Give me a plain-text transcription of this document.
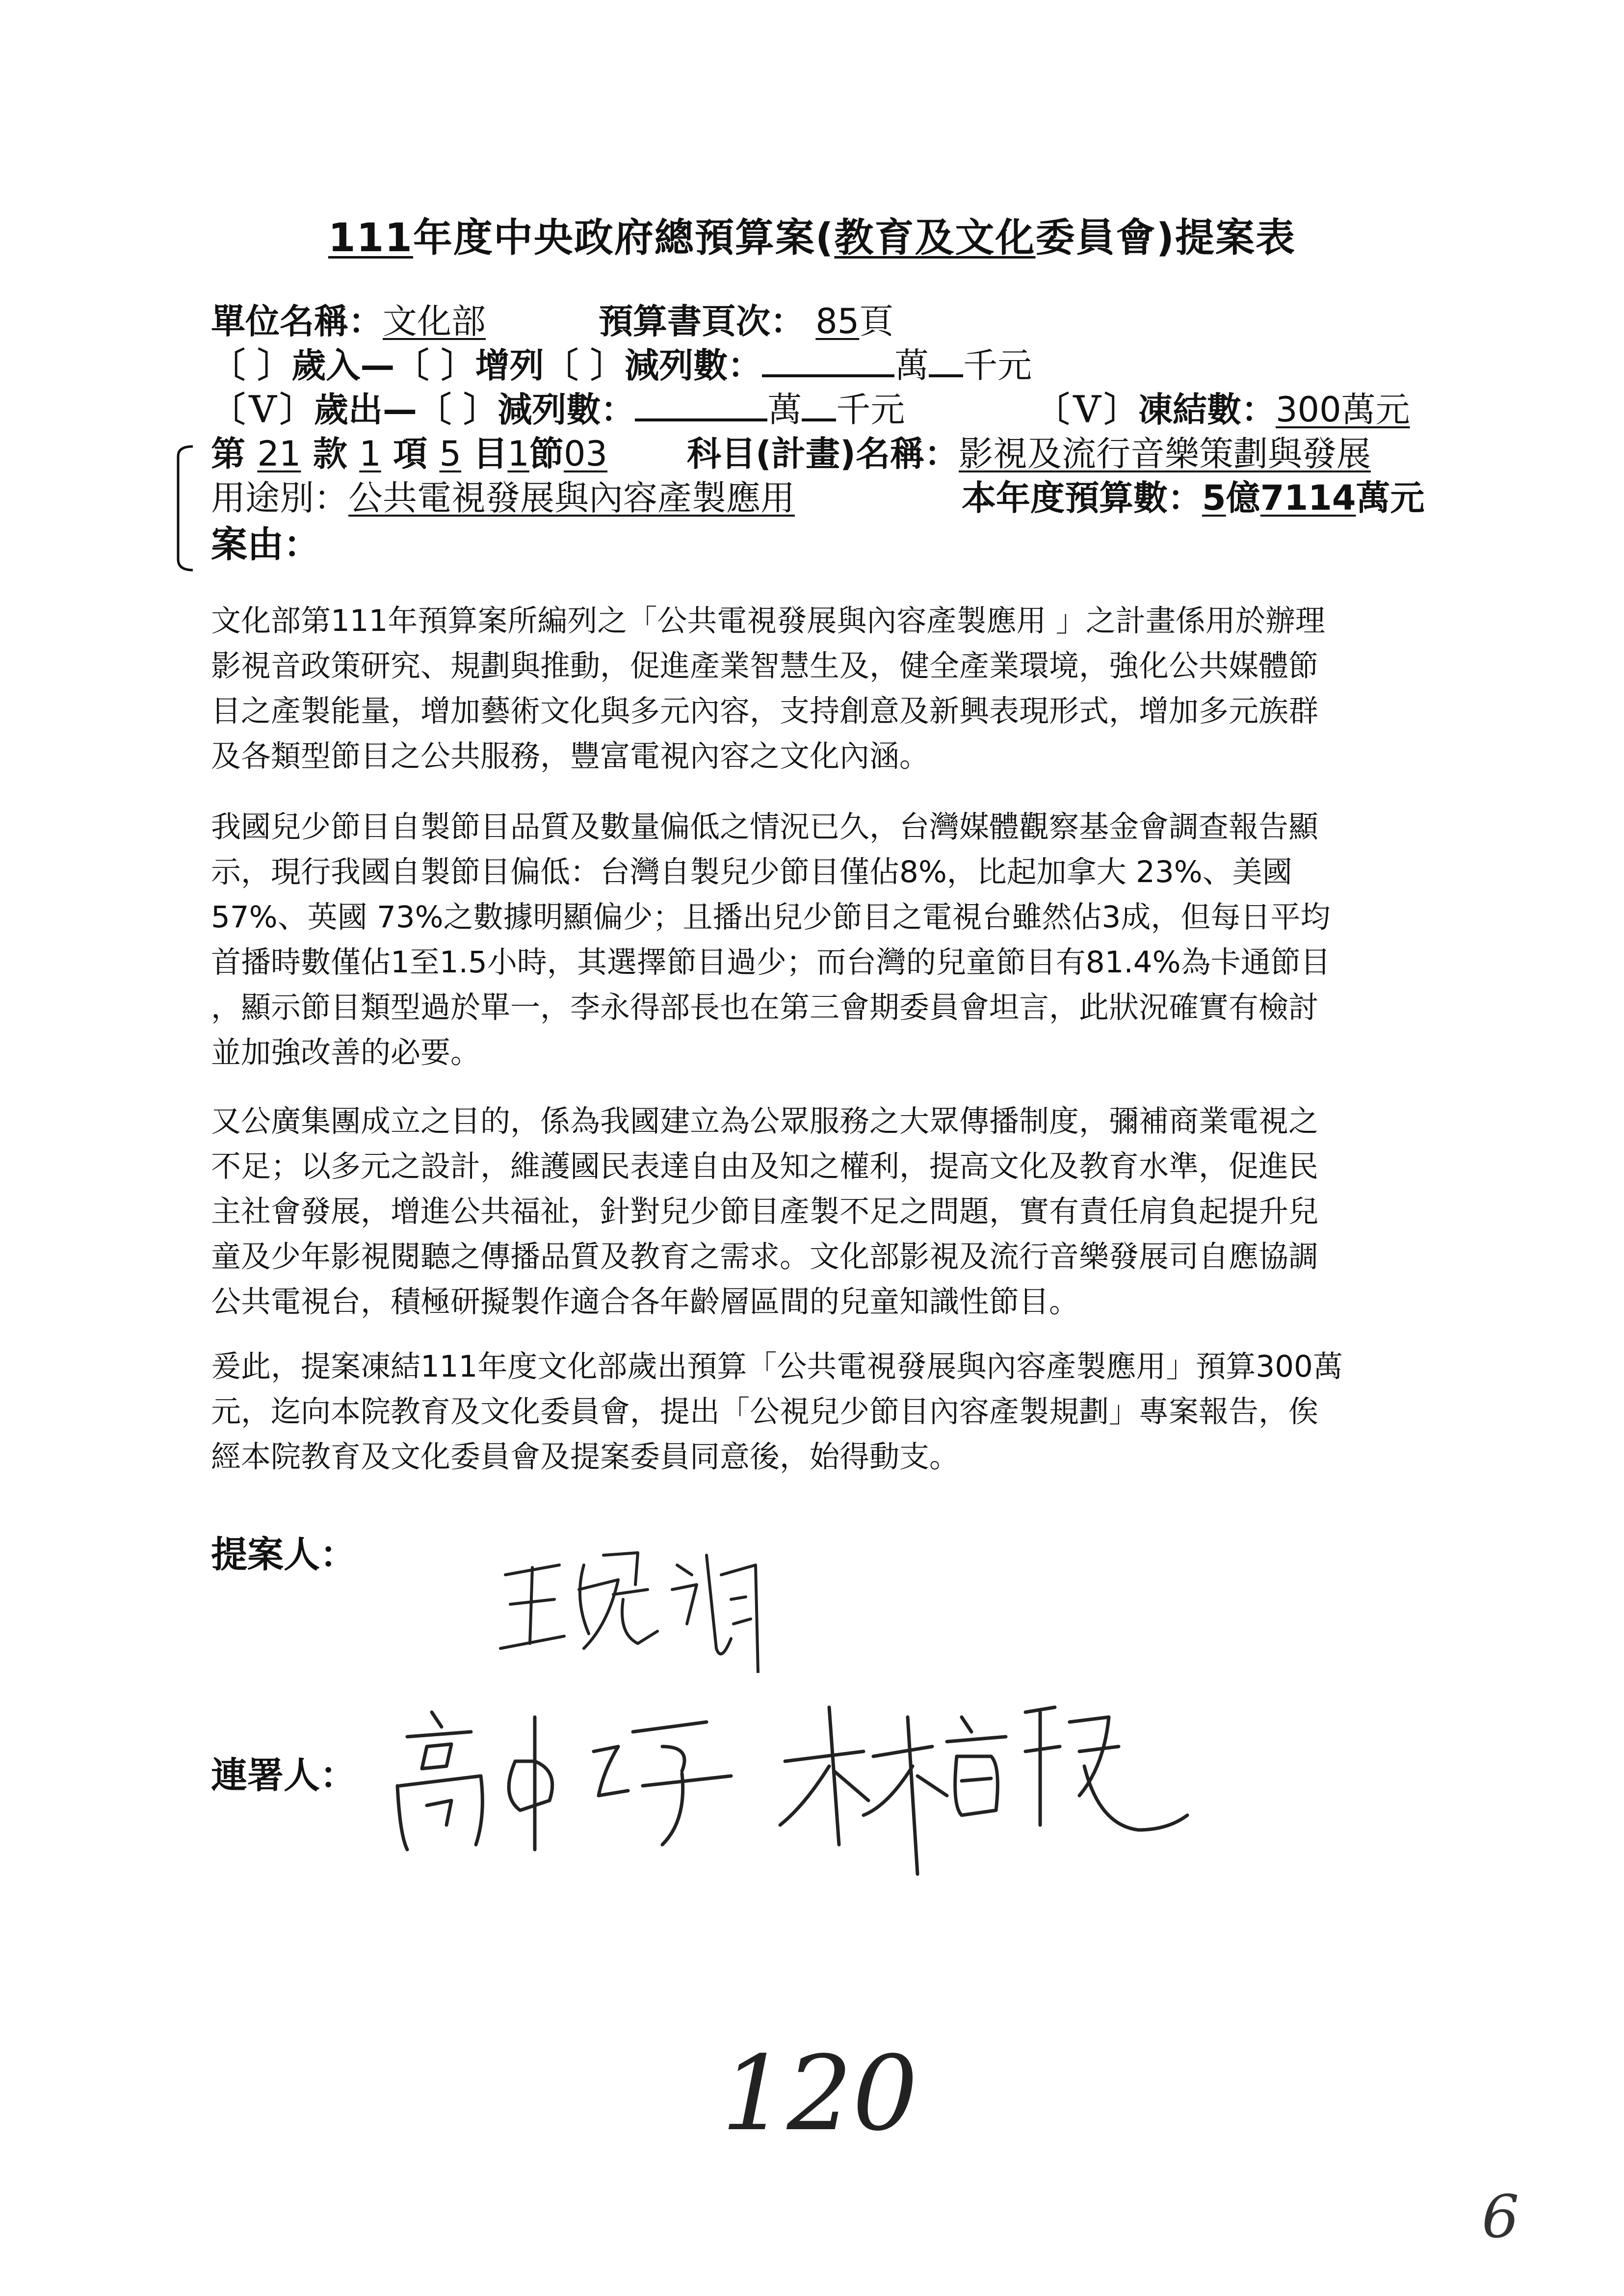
111年度中央政府總預算案(教育及文化委員會)提案表
單位名稱：文化部	預算書頁次： 85頁
〔 〕歲入—〔 〕增列〔 〕減列數：	萬 千元
〔Ｖ〕歲出—〔 〕減列數：	萬 千元	〔Ｖ〕凍結數：300萬元
第 21 款 1 項 5 目1節03 科目(計畫)名稱：影視及流行音樂策劃與發展
用途別：公共電視發展與內容產製應用	本年度預算數：5億7114萬元
案由：
文化部第111年預算案所編列之「公共電視發展與內容產製應用 」之計畫係用於辦理
影視音政策研究、規劃與推動，促進產業智慧生及，健全產業環境，強化公共媒體節
目之產製能量，增加藝術文化與多元內容，支持創意及新興表現形式，增加多元族群
及各類型節目之公共服務，豐富電視內容之文化內涵。
我國兒少節目自製節目品質及數量偏低之情況已久，台灣媒體觀察基金會調查報告顯
示，現行我國自製節目偏低：台灣自製兒少節目僅佔8%，比起加拿大 23%、美國
57%、英國 73%之數據明顯偏少；且播出兒少節目之電視台雖然佔3成，但每日平均
首播時數僅佔1至1.5小時，其選擇節目過少；而台灣的兒童節目有81.4%為卡通節目
，顯示節目類型過於單一，李永得部長也在第三會期委員會坦言，此狀況確實有檢討
並加強改善的必要。
又公廣集團成立之目的，係為我國建立為公眾服務之大眾傳播制度，彌補商業電視之
不足；以多元之設計，維護國民表達自由及知之權利，提高文化及教育水準，促進民
主社會發展，增進公共福祉，針對兒少節目產製不足之問題，實有責任肩負起提升兒
童及少年影視閱聽之傳播品質及教育之需求。文化部影視及流行音樂發展司自應協調
公共電視台，積極研擬製作適合各年齡層區間的兒童知識性節目。
爰此，提案凍結111年度文化部歲出預算「公共電視發展與內容產製應用」預算300萬
元，迄向本院教育及文化委員會，提出「公視兒少節目內容產製規劃」專案報告，俟
經本院教育及文化委員會及提案委員同意後，始得動支。
提案人：
連署人：
120
6
